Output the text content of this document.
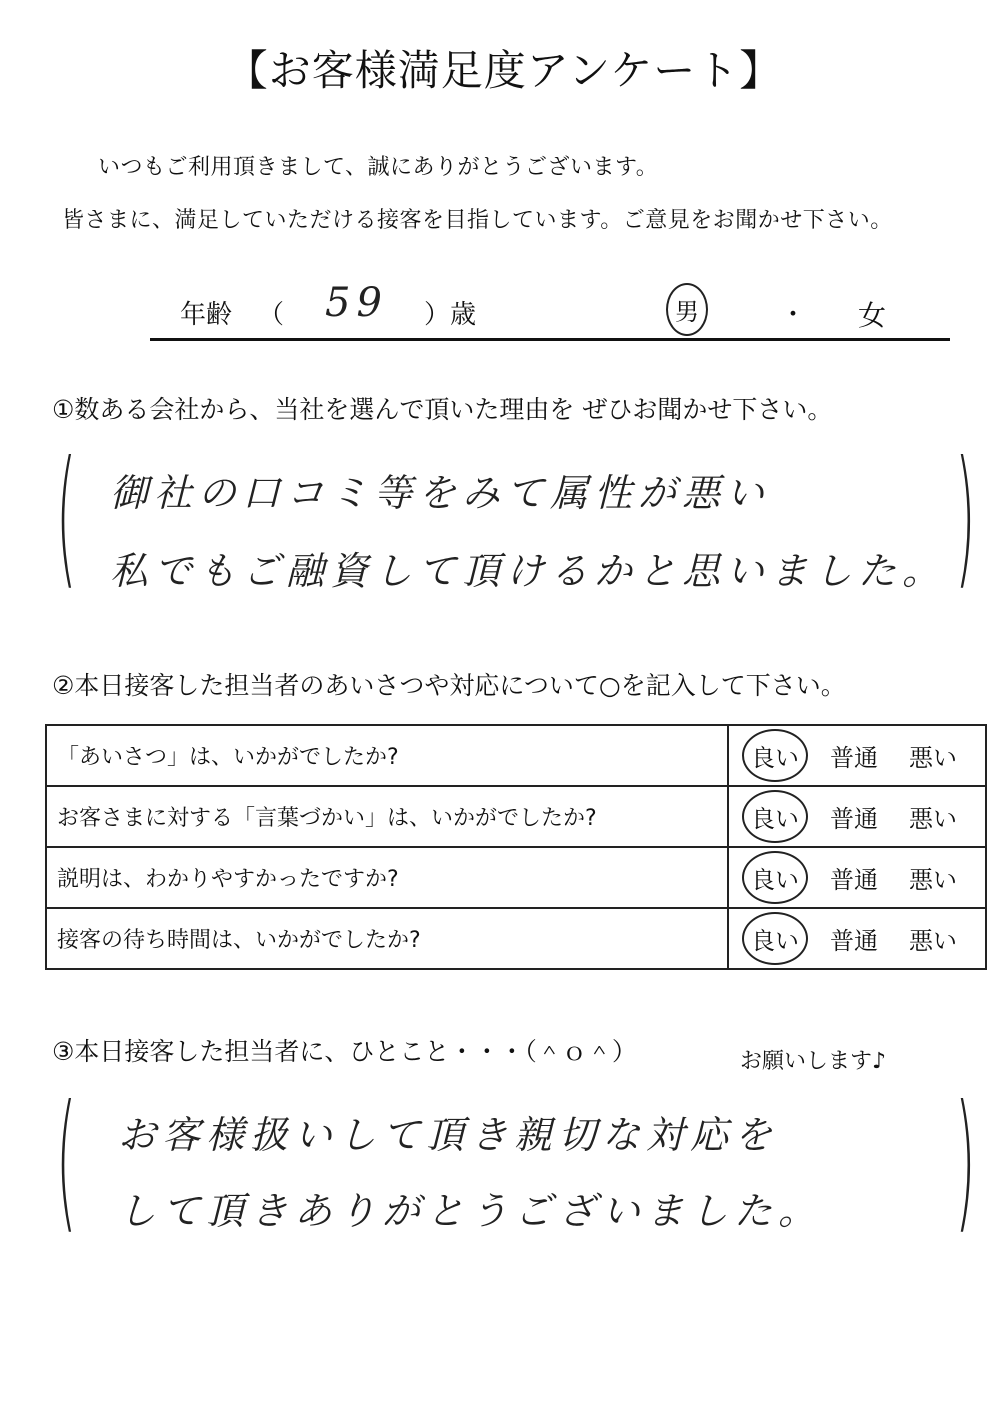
【お客様満足度アンケート】
いつもご利用頂きまして、誠にありがとうございます。
皆さまに、満足していただける接客を目指しています。ご意見をお聞かせ下さい。
年齢 （ 59 ）歳	男	・ 女
①数ある会社から、当社を選んで頂いた理由を ぜひお聞かせ下さい。
(	)
御社の口コミ等をみて属性が悪い
私でもご融資して頂けるかと思いました。
②本日接客した担当者のあいさつや対応について○を記入して下さい。
「あいさつ」は、いかがでしたか?	良い 普通 悪い
お客さまに対する「言葉づかい」は、いかがでしたか?	良い 普通 悪い
説明は、わかりやすかったですか?	良い 普通 悪い
接客の待ち時間は、いかがでしたか?	良い 普通 悪い
③本日接客した担当者に、ひとこと・・・（＾ｏ＾）	お願いします♪
(	)
お客様扱いして頂き親切な対応を
して頂きありがとうございました。
